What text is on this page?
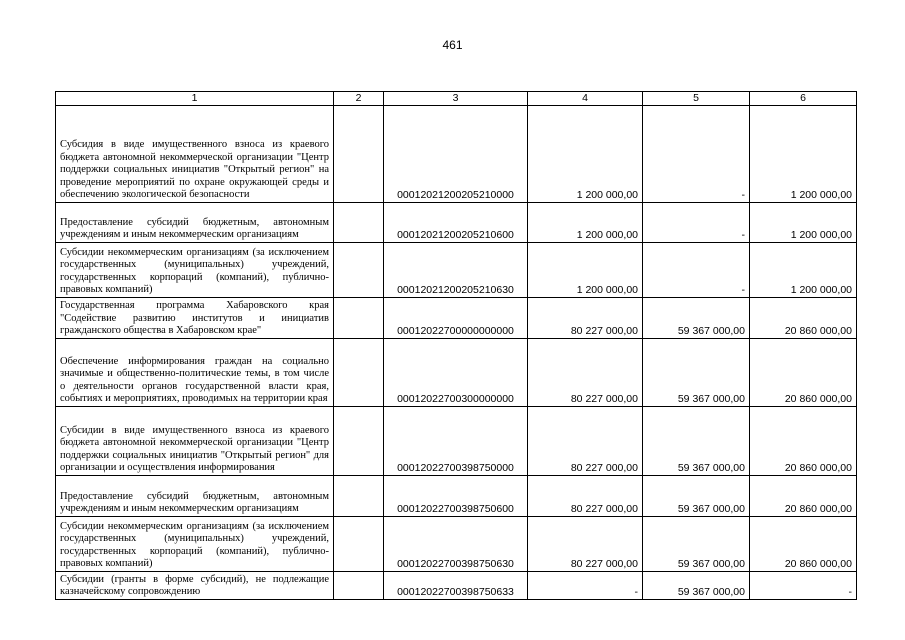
461
1	2	3	4	5	6
Субсидия в виде имущественного взноса из краевого бюджета автономной некоммерческой организации "Центр поддержки социальных инициатив "Открытый регион" на проведение мероприятий по охране окружающей среды и обеспечению экологической безопасности		00012021200205210000	1 200 000,00	-	1 200 000,00
Предоставление субсидий бюджетным, автономным учреждениям и иным некоммерческим организациям		00012021200205210600	1 200 000,00	-	1 200 000,00
Субсидии некоммерческим организациям (за исключением государственных (муниципальных) учреждений, государственных корпораций (компаний), публично-правовых компаний)		00012021200205210630	1 200 000,00	-	1 200 000,00
Государственная программа Хабаровского края "Содействие развитию институтов и инициатив гражданского общества в Хабаровском крае"		00012022700000000000	80 227 000,00	59 367 000,00	20 860 000,00
Обеспечение информирования граждан на социально значимые и общественно-политические темы, в том числе о деятельности органов государственной власти края, событиях и мероприятиях, проводимых на территории края		00012022700300000000	80 227 000,00	59 367 000,00	20 860 000,00
Субсидии в виде имущественного взноса из краевого бюджета автономной некоммерческой организации "Центр поддержки социальных инициатив "Открытый регион" для организации и осуществления информирования		00012022700398750000	80 227 000,00	59 367 000,00	20 860 000,00
Предоставление субсидий бюджетным, автономным учреждениям и иным некоммерческим организациям		00012022700398750600	80 227 000,00	59 367 000,00	20 860 000,00
Субсидии некоммерческим организациям (за исключением государственных (муниципальных) учреждений, государственных корпораций (компаний), публично-правовых компаний)		00012022700398750630	80 227 000,00	59 367 000,00	20 860 000,00
Субсидии (гранты в форме субсидий), не подлежащие казначейскому сопровождению		00012022700398750633	-	59 367 000,00	-
